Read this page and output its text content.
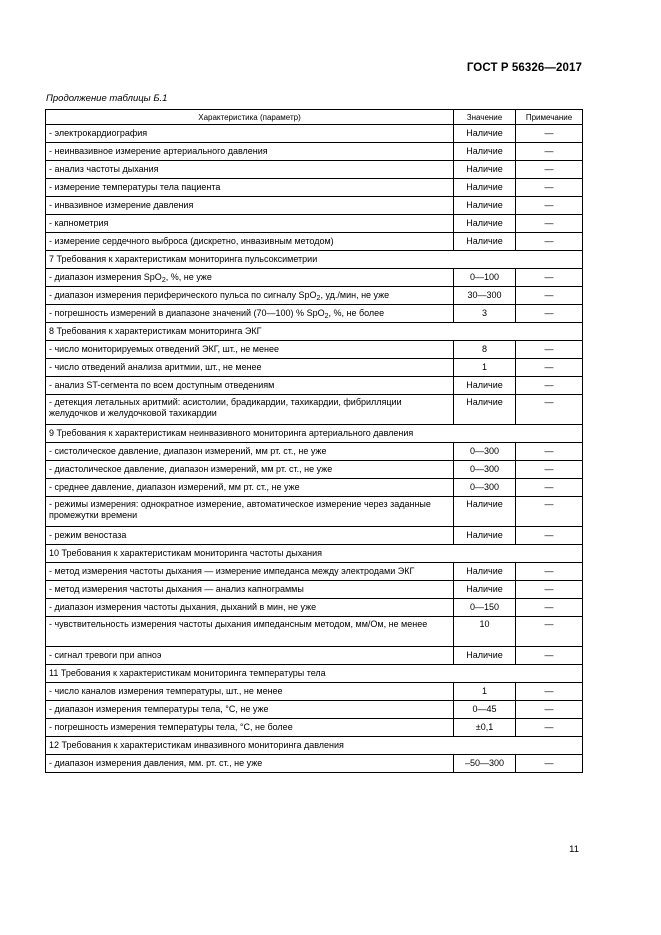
ГОСТ Р 56326—2017
Продолжение таблицы Б.1
Характеристика (параметр)	Значение	Примечание
- электрокардиография	Наличие	—
- неинвазивное измерение артериального давления	Наличие	—
- анализ частоты дыхания	Наличие	—
- измерение температуры тела пациента	Наличие	—
- инвазивное измерение давления	Наличие	—
- капнометрия	Наличие	—
- измерение сердечного выброса (дискретно, инвазивным методом)	Наличие	—
7 Требования к характеристикам мониторинга пульсоксиметрии		
- диапазон измерения SpO$_2$, %, не уже	0—100	—
- диапазон измерения периферического пульса по сигналу SpO$_2$, уд./мин, не уже	30—300	—
- погрешность измерений в диапазоне значений (70—100) % SpO$_2$, %, не более	3	—
8 Требования к характеристикам мониторинга ЭКГ		
- число мониторируемых отведений ЭКГ, шт., не менее	8	—
- число отведений анализа аритмии, шт., не менее	1	—
- анализ ST-сегмента по всем доступным отведениям	Наличие	—
- детекция летальных аритмий: асистолии, брадикардии, тахикардии, фибрилляции желудочков и желудочковой тахикардии	Наличие	—
9 Требования к характеристикам неинвазивного мониторинга артериального давления		
- систолическое давление, диапазон измерений, мм рт. ст., не уже	0—300	—
- диастолическое давление, диапазон измерений, мм рт. ст., не уже	0—300	—
- среднее давление, диапазон измерений, мм рт. ст., не уже	0—300	—
- режимы измерения: однократное измерение, автоматическое измерение через заданные промежутки времени	Наличие	—
- режим веностаза	Наличие	—
10 Требования к характеристикам мониторинга частоты дыхания		
- метод измерения частоты дыхания — измерение импеданса между электродами ЭКГ	Наличие	—
- метод измерения частоты дыхания — анализ капнограммы	Наличие	—
- диапазон измерения частоты дыхания, дыханий в мин, не уже	0—150	—
- чувствительность измерения частоты дыхания импедансным методом, мм/Ом, не менее	10	—
- сигнал тревоги при апноэ	Наличие	—
11 Требования к характеристикам мониторинга температуры тела		
- число каналов измерения температуры, шт., не менее	1	—
- диапазон измерения температуры тела, °С, не уже	0—45	—
- погрешность измерения температуры тела, °С, не более	±0,1	—
12 Требования к характеристикам инвазивного мониторинга давления		
- диапазон измерения давления, мм. рт. ст., не уже	–50—300	—
11
